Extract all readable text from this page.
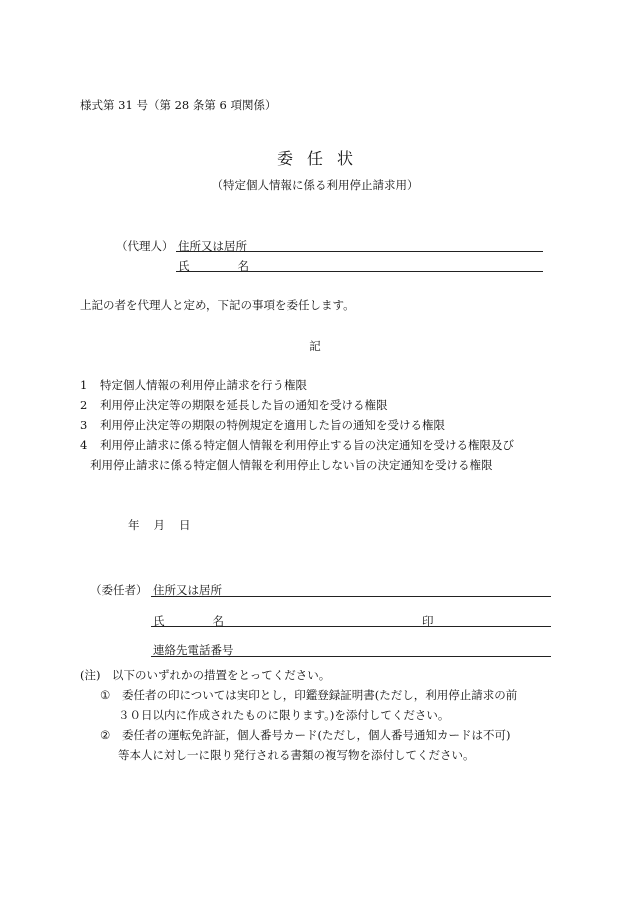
様式第 31 号（第 28 条第 6 項関係）
委任状
（特定個人情報に係る利用停止請求用）
（代理人） 住所又は居所
氏	名
上記の者を代理人と定め，下記の事項を委任します。
記
1 特定個人情報の利用停止請求を行う権限
2 利用停止決定等の期限を延長した旨の通知を受ける権限
3 利用停止決定等の期限の特例規定を適用した旨の通知を受ける権限
4 利用停止請求に係る特定個人情報を利用停止する旨の決定通知を受ける権限及び
利用停止請求に係る特定個人情報を利用停止しない旨の決定通知を受ける権限
年 月 日
（委任者） 住所又は居所
氏	名	印
連絡先電話番号
(注)　以下のいずれかの措置をとってください。
① 委任者の印については実印とし，印鑑登録証明書(ただし，利用停止請求の前
３０日以内に作成されたものに限ります。)を添付してください。
② 委任者の運転免許証，個人番号カード(ただし，個人番号通知カードは不可)
等本人に対し一に限り発行される書類の複写物を添付してください。
